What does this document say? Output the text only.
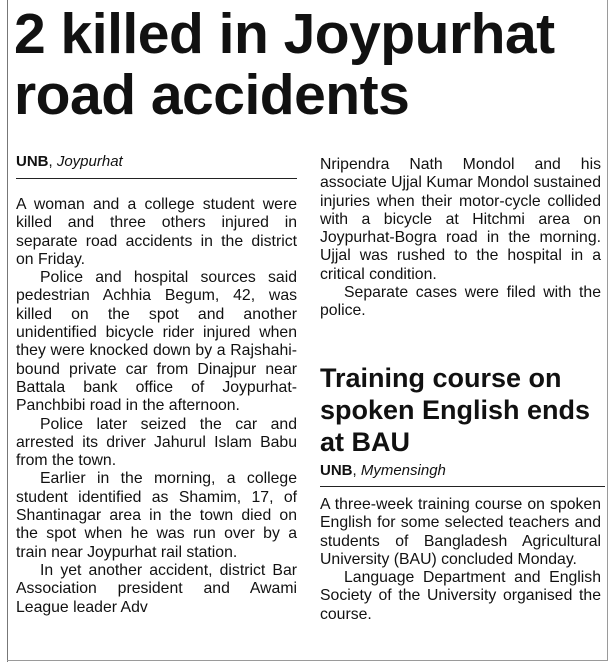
2 killed in Joypurhat road accidents
UNB, Joypurhat

A woman and a college student were killed and three others injured in separate road accidents in the district on Friday.

Police and hospital sources said pedestrian Achhia Begum, 42, was killed on the spot and another unidentified bicycle rider injured when they were knocked down by a Rajshahi-bound private car from Dinajpur near Battala bank office of Joypurhat-Panchbibi road in the afternoon.

Police later seized the car and arrested its driver Jahurul Islam Babu from the town.

Earlier in the morning, a college student identified as Shamim, 17, of Shantinagar area in the town died on the spot when he was run over by a train near Joypurhat rail station.

In yet another accident, district Bar Association president and Awami League leader Adv

Nripendra Nath Mondol and his associate Ujjal Kumar Mondol sustained injuries when their motor-cycle collided with a bicycle at Hitchmi area on Joypurhat-Bogra road in the morning. Ujjal was rushed to the hospital in a critical condition.

Separate cases were filed with the police.

Training course on spoken English ends at BAU
UNB, Mymensingh

A three-week training course on spoken English for some selected teachers and students of Bangladesh Agricultural University (BAU) concluded Monday.

Language Department and English Society of the University organised the course.
